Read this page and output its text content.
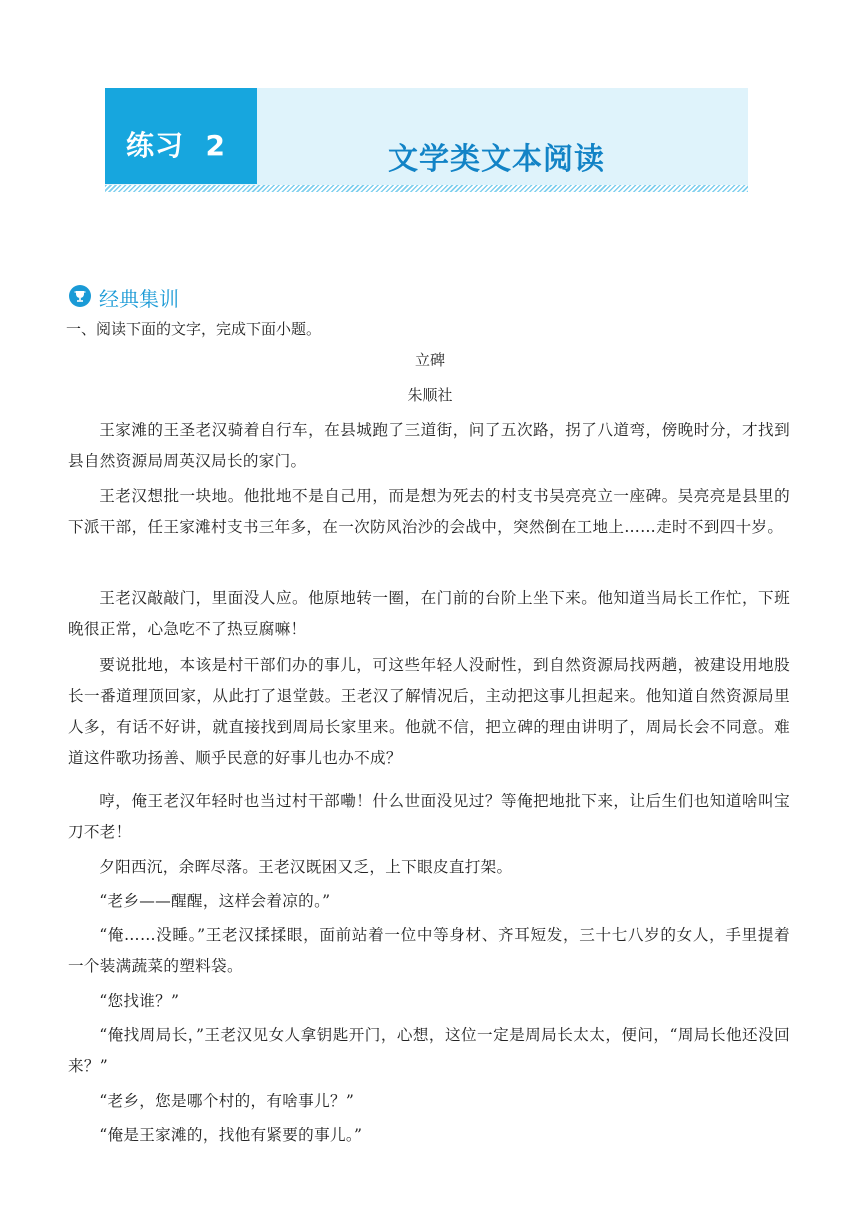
练习  2	文学类文本阅读
经典集训
一、阅读下面的文字，完成下面小题。
立碑
朱顺社

王家滩的王圣老汉骑着自行车，在县城跑了三道街，问了五次路，拐了八道弯，傍晚时分，才找到县自然资源局周英汉局长的家门。

王老汉想批一块地。他批地不是自己用，而是想为死去的村支书吴亮亮立一座碑。吴亮亮是县里的下派干部，任王家滩村支书三年多，在一次防风治沙的会战中，突然倒在工地上……走时不到四十岁。

王老汉敲敲门，里面没人应。他原地转一圈，在门前的台阶上坐下来。他知道当局长工作忙，下班晚很正常，心急吃不了热豆腐嘛！

要说批地，本该是村干部们办的事儿，可这些年轻人没耐性，到自然资源局找两趟，被建设用地股长一番道理顶回家，从此打了退堂鼓。王老汉了解情况后，主动把这事儿担起来。他知道自然资源局里人多，有话不好讲，就直接找到周局长家里来。他就不信，把立碑的理由讲明了，周局长会不同意。难道这件歌功扬善、顺乎民意的好事儿也办不成？

哼，俺王老汉年轻时也当过村干部嘞！什么世面没见过？等俺把地批下来，让后生们也知道啥叫宝刀不老！

夕阳西沉，余晖尽落。王老汉既困又乏，上下眼皮直打架。

“老乡——醒醒，这样会着凉的。”

“俺……没睡。”王老汉揉揉眼，面前站着一位中等身材、齐耳短发，三十七八岁的女人，手里提着一个装满蔬菜的塑料袋。

“您找谁？”

“俺找周局长，”王老汉见女人拿钥匙开门，心想，这位一定是周局长太太，便问，“周局长他还没回来？”

“老乡，您是哪个村的，有啥事儿？”

“俺是王家滩的，找他有紧要的事儿。”
